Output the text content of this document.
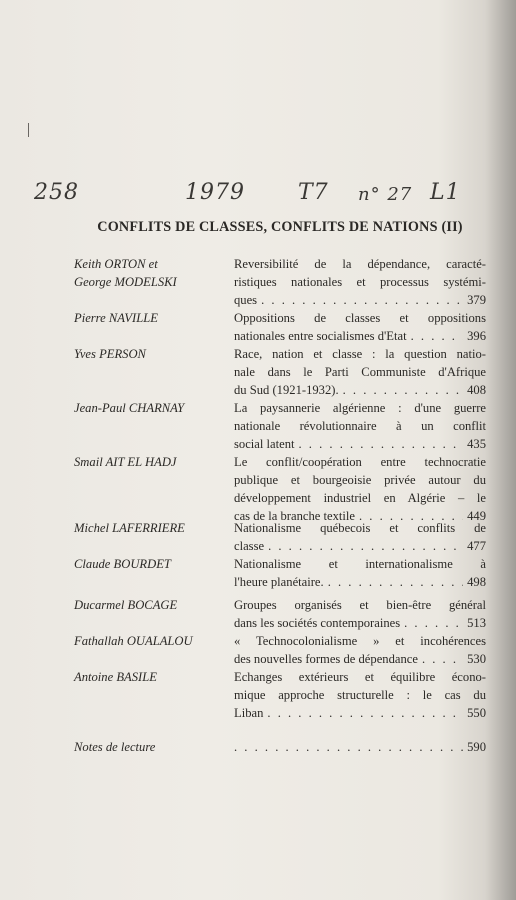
258	1979 T7 n° 27 L1
CONFLITS DE CLASSES, CONFLITS DE NATIONS (II)
Keith ORTON et
George MODELSKI
Reversibilité de la dépendance, caracté-
ristiques nationales et processus systémi-
ques . . .	379
Pierre NAVILLE	Oppositions de classes et oppositions
nationales entre socialismes d'Etat . . .	396
Yves PERSON	Race, nation et classe : la question natio-
nale dans le Parti Communiste d'Afrique
du Sud (1921-1932). . . .	408
Jean-Paul CHARNAY	La paysannerie algérienne : d'une guerre
nationale révolutionnaire à un conflit
social latent . . .	435
Smail AIT EL HADJ	Le conflit/coopération entre technocratie
publique et bourgeoisie privée autour du
développement industriel en Algérie – le
cas de la branche textile . . .	449
Michel LAFERRIERE	Nationalisme québecois et conflits de
classe . . .	477
Claude BOURDET	Nationalisme et internationalisme à
l'heure planétaire. . . .	498
Ducarmel BOCAGE	Groupes organisés et bien-être général
dans les sociétés contemporaines . . .	513
Fathallah OUALALOU	« Technocolonialisme » et incohérences
des nouvelles formes de dépendance . . .	530
Antoine BASILE	Echanges extérieurs et équilibre écono-
mique approche structurelle : le cas du
Liban . . .	550
Notes de lecture . . .	590
